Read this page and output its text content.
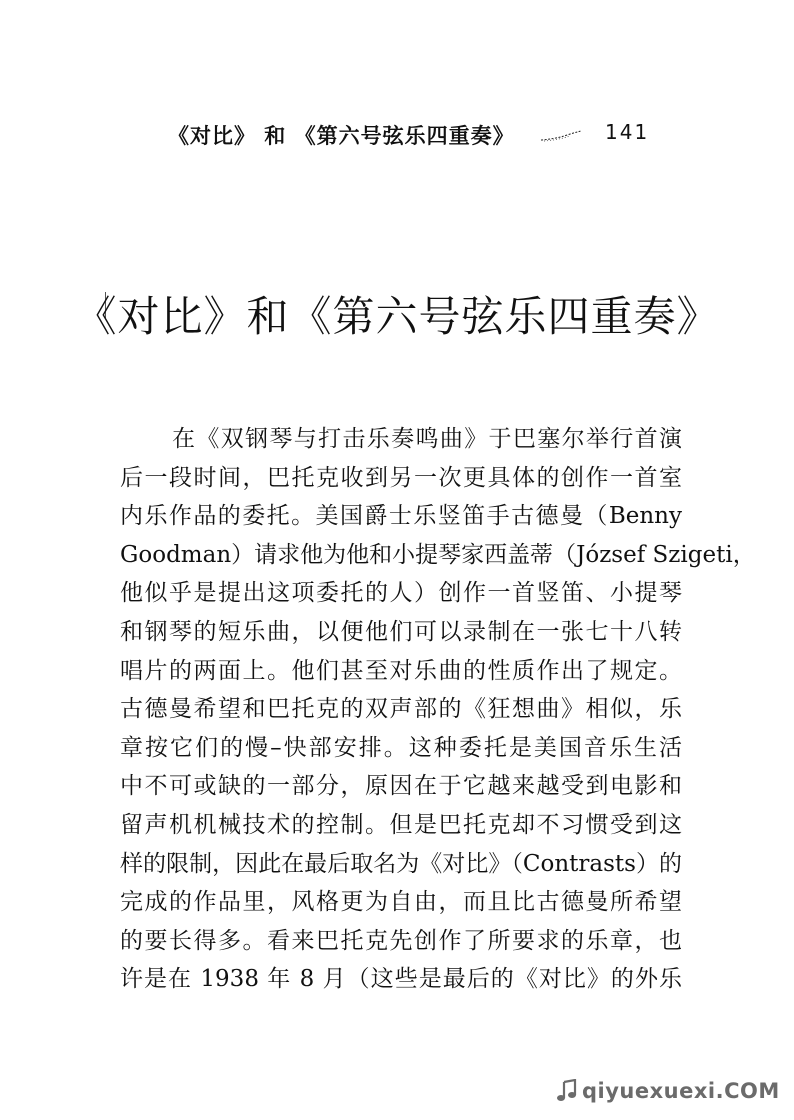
《对比》 和 《第六号弦乐四重奏》	141
《对比》和《第六号弦乐四重奏》
在《双钢琴与打击乐奏鸣曲》于巴塞尔举行首演
后一段时间，巴托克收到另一次更具体的创作一首室
内乐作品的委托。美国爵士乐竖笛手古德曼（Benny
Goodman）请求他为他和小提琴家西盖蒂（József Szigeti，
他似乎是提出这项委托的人）创作一首竖笛、小提琴
和钢琴的短乐曲，以便他们可以录制在一张七十八转
唱片的两面上。他们甚至对乐曲的性质作出了规定。
古德曼希望和巴托克的双声部的《狂想曲》相似，乐
章按它们的慢–快部安排。这种委托是美国音乐生活
中不可或缺的一部分，原因在于它越来越受到电影和
留声机机械技术的控制。但是巴托克却不习惯受到这
样的限制，因此在最后取名为《对比》（Contrasts）的
完成的作品里，风格更为自由，而且比古德曼所希望
的要长得多。看来巴托克先创作了所要求的乐章，也
许是在 1938 年 8 月（这些是最后的《对比》的外乐
qiyuexuexi.COM
